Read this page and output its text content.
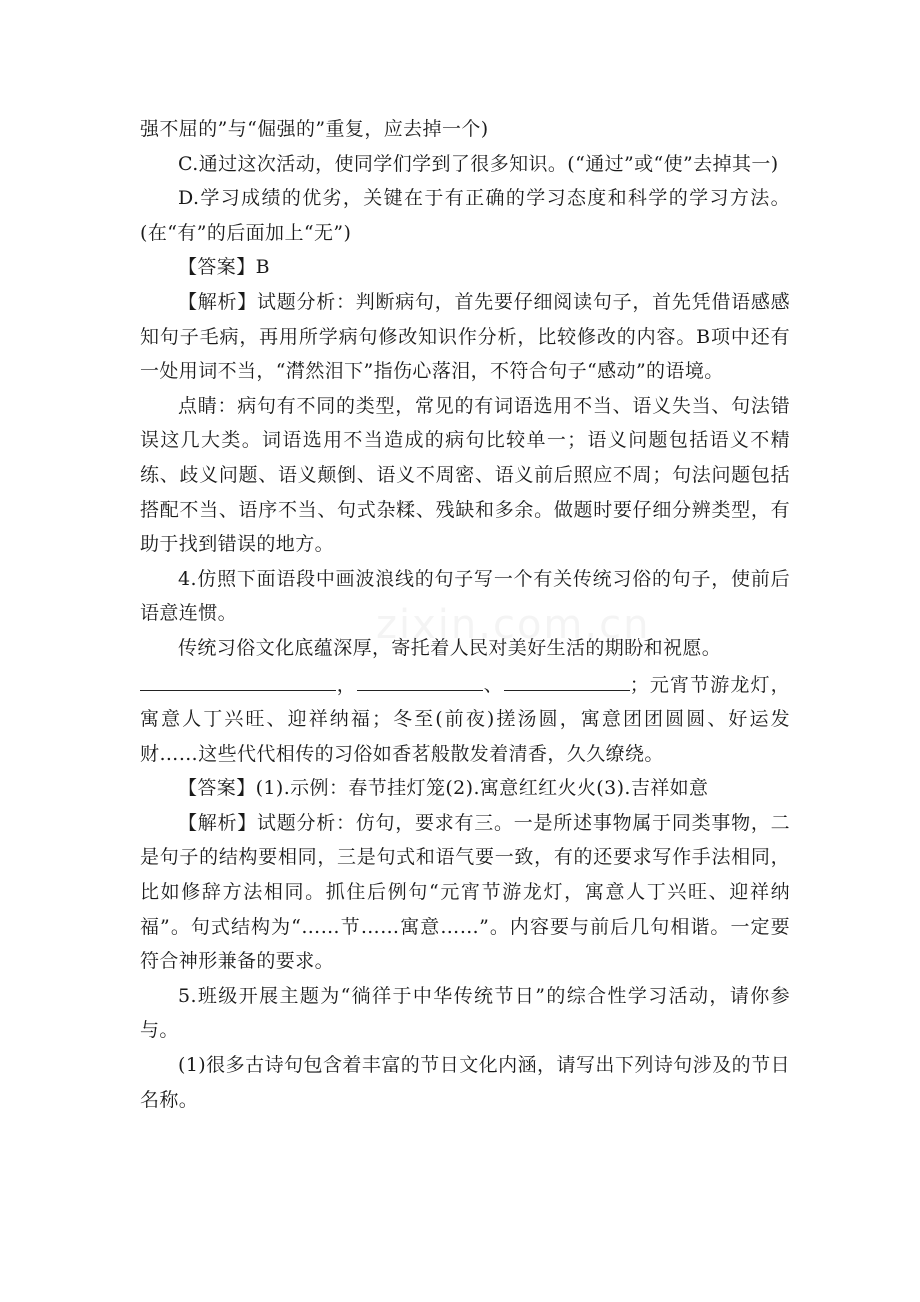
强不屈的”与“倔强的”重复，应去掉一个)

C.通过这次活动，使同学们学到了很多知识。(“通过”或“使”去掉其一)

D.学习成绩的优劣，关键在于有正确的学习态度和科学的学习方法。(在“有”的后面加上“无”)

【答案】B

【解析】试题分析：判断病句，首先要仔细阅读句子，首先凭借语感感知句子毛病，再用所学病句修改知识作分析，比较修改的内容。B项中还有一处用词不当，“潸然泪下”指伤心落泪，不符合句子“感动”的语境。

点睛：病句有不同的类型，常见的有词语选用不当、语义失当、句法错误这几大类。词语选用不当造成的病句比较单一；语义问题包括语义不精练、歧义问题、语义颠倒、语义不周密、语义前后照应不周；句法问题包括搭配不当、语序不当、句式杂糅、残缺和多余。做题时要仔细分辨类型，有助于找到错误的地方。

4.仿照下面语段中画波浪线的句子写一个有关传统习俗的句子，使前后语意连惯。

传统习俗文化底蕴深厚，寄托着人民对美好生活的期盼和祝愿。

，	、	；元宵节游龙灯，寓意人丁兴旺、迎祥纳福；冬至(前夜)搓汤圆，寓意团团圆圆、好运发财……这些代代相传的习俗如香茗般散发着清香，久久缭绕。

【答案】(1).示例：春节挂灯笼(2).寓意红红火火(3).吉祥如意

【解析】试题分析：仿句，要求有三。一是所述事物属于同类事物，二是句子的结构要相同，三是句式和语气要一致，有的还要求写作手法相同，比如修辞方法相同。抓住后例句“元宵节游龙灯，寓意人丁兴旺、迎祥纳福”。句式结构为“……节……寓意……”。内容要与前后几句相谐。一定要符合神形兼备的要求。

5.班级开展主题为“徜徉于中华传统节日”的综合性学习活动，请你参与。

(1)很多古诗句包含着丰富的节日文化内涵，请写出下列诗句涉及的节日名称。

zixin.com.cn
